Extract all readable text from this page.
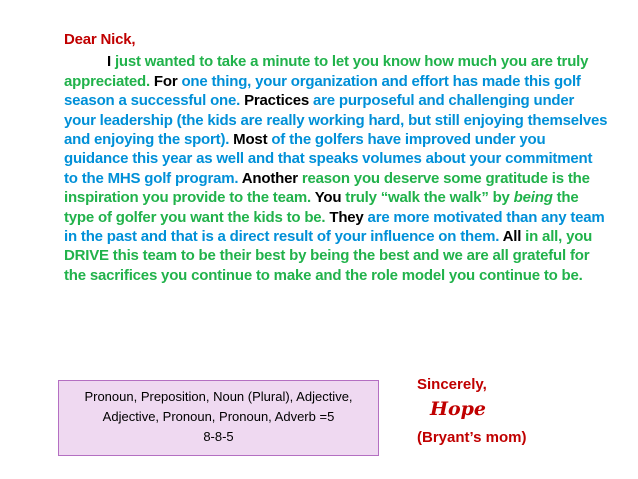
Dear Nick,

I just wanted to take a minute to let you know how much you are truly appreciated. For one thing, your organization and effort has made this golf season a successful one. Practices are purposeful and challenging under your leadership (the kids are really working hard, but still enjoying themselves and enjoying the sport). Most of the golfers have improved under you guidance this year as well and that speaks volumes about your commitment to the MHS golf program. Another reason you deserve some gratitude is the inspiration you provide to the team. You truly “walk the walk” by being the type of golfer you want the kids to be. They are more motivated than any team in the past and that is a direct result of your influence on them. All in all, you DRIVE this team to be their best by being the best and we are all grateful for the sacrifices you continue to make and the role model you continue to be.

Pronoun, Preposition, Noun (Plural), Adjective,
Adjective, Pronoun, Pronoun, Adverb =5
8-8-5
Sincerely,
Hope
(Bryant’s mom)
